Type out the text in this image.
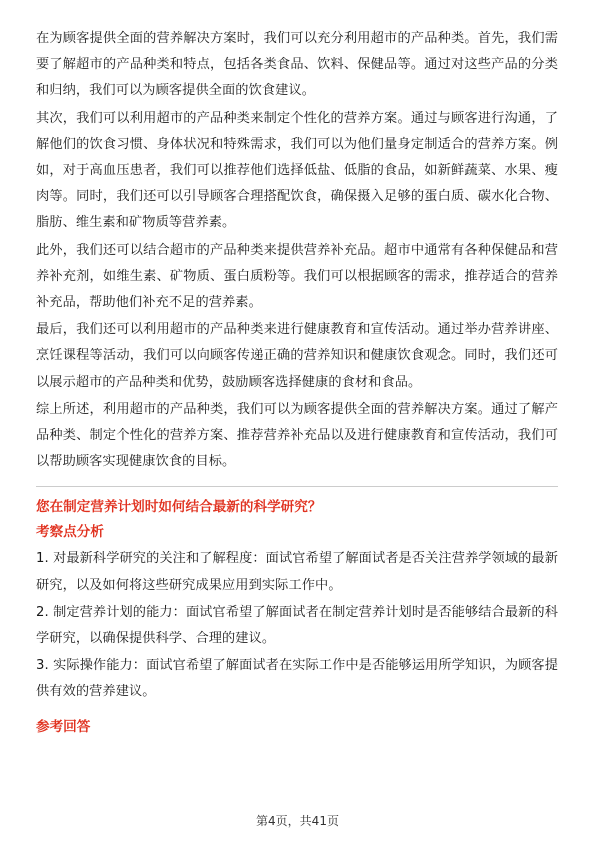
在为顾客提供全面的营养解决方案时，我们可以充分利用超市的产品种类。首先，我们需要了解超市的产品种类和特点，包括各类食品、饮料、保健品等。通过对这些产品的分类和归纳，我们可以为顾客提供全面的饮食建议。

其次，我们可以利用超市的产品种类来制定个性化的营养方案。通过与顾客进行沟通，了解他们的饮食习惯、身体状况和特殊需求，我们可以为他们量身定制适合的营养方案。例如，对于高血压患者，我们可以推荐他们选择低盐、低脂的食品，如新鲜蔬菜、水果、瘦肉等。同时，我们还可以引导顾客合理搭配饮食，确保摄入足够的蛋白质、碳水化合物、脂肪、维生素和矿物质等营养素。

此外，我们还可以结合超市的产品种类来提供营养补充品。超市中通常有各种保健品和营养补充剂，如维生素、矿物质、蛋白质粉等。我们可以根据顾客的需求，推荐适合的营养补充品，帮助他们补充不足的营养素。

最后，我们还可以利用超市的产品种类来进行健康教育和宣传活动。通过举办营养讲座、烹饪课程等活动，我们可以向顾客传递正确的营养知识和健康饮食观念。同时，我们还可以展示超市的产品种类和优势，鼓励顾客选择健康的食材和食品。

综上所述，利用超市的产品种类，我们可以为顾客提供全面的营养解决方案。通过了解产品种类、制定个性化的营养方案、推荐营养补充品以及进行健康教育和宣传活动，我们可以帮助顾客实现健康饮食的目标。

您在制定营养计划时如何结合最新的科学研究？
考察点分析

1. 对最新科学研究的关注和了解程度：面试官希望了解面试者是否关注营养学领域的最新研究，以及如何将这些研究成果应用到实际工作中。

2. 制定营养计划的能力：面试官希望了解面试者在制定营养计划时是否能够结合最新的科学研究，以确保提供科学、合理的建议。

3. 实际操作能力：面试官希望了解面试者在实际工作中是否能够运用所学知识，为顾客提供有效的营养建议。

参考回答
第4页，共41页
